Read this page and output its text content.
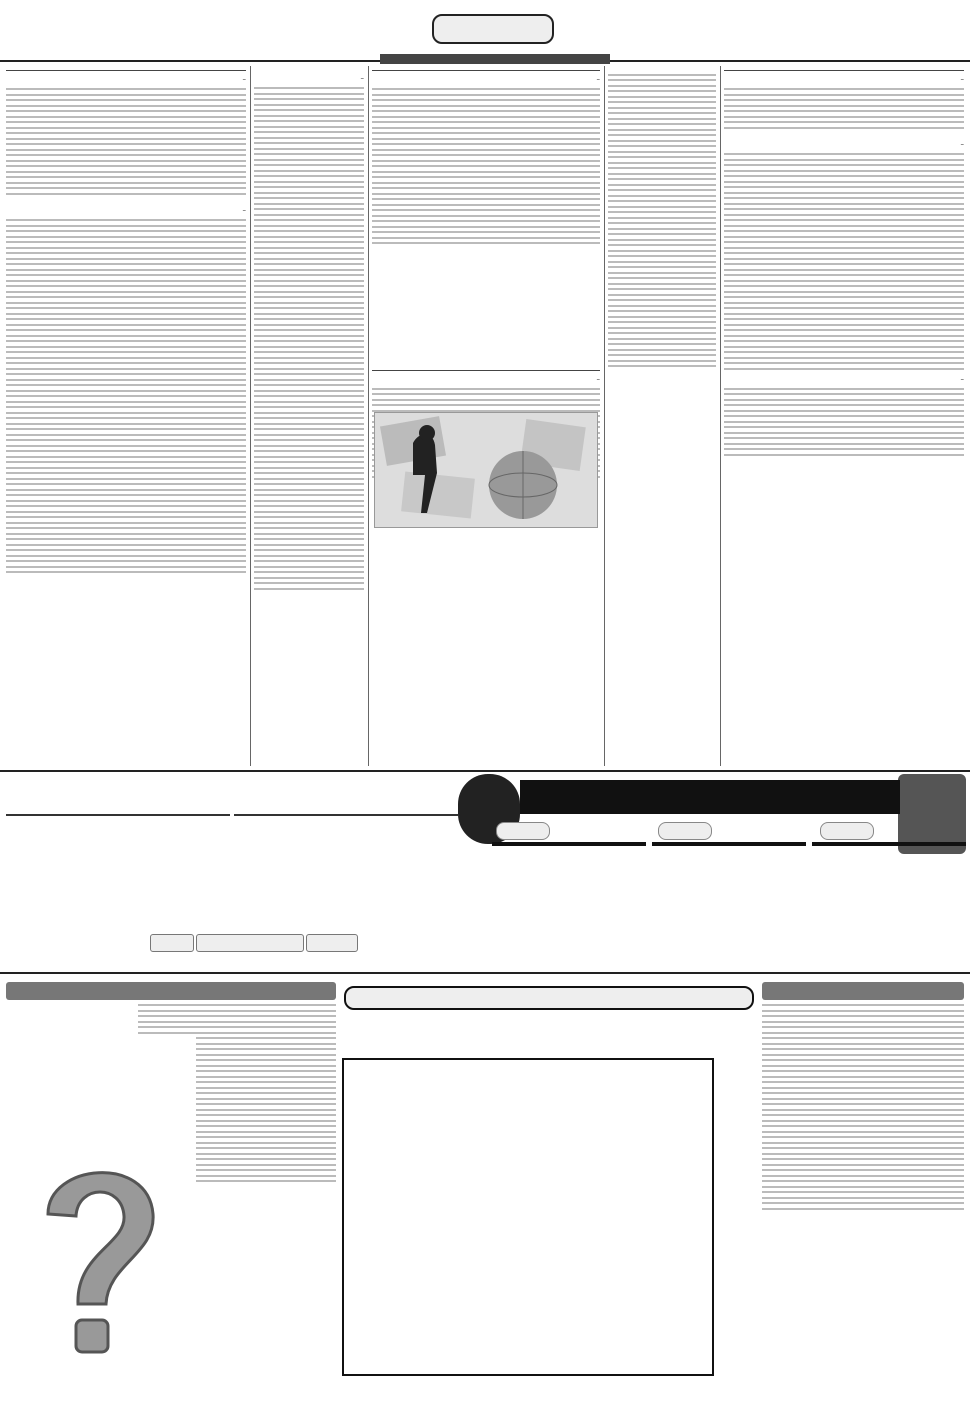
–

–

–

–

–

–

–

–
